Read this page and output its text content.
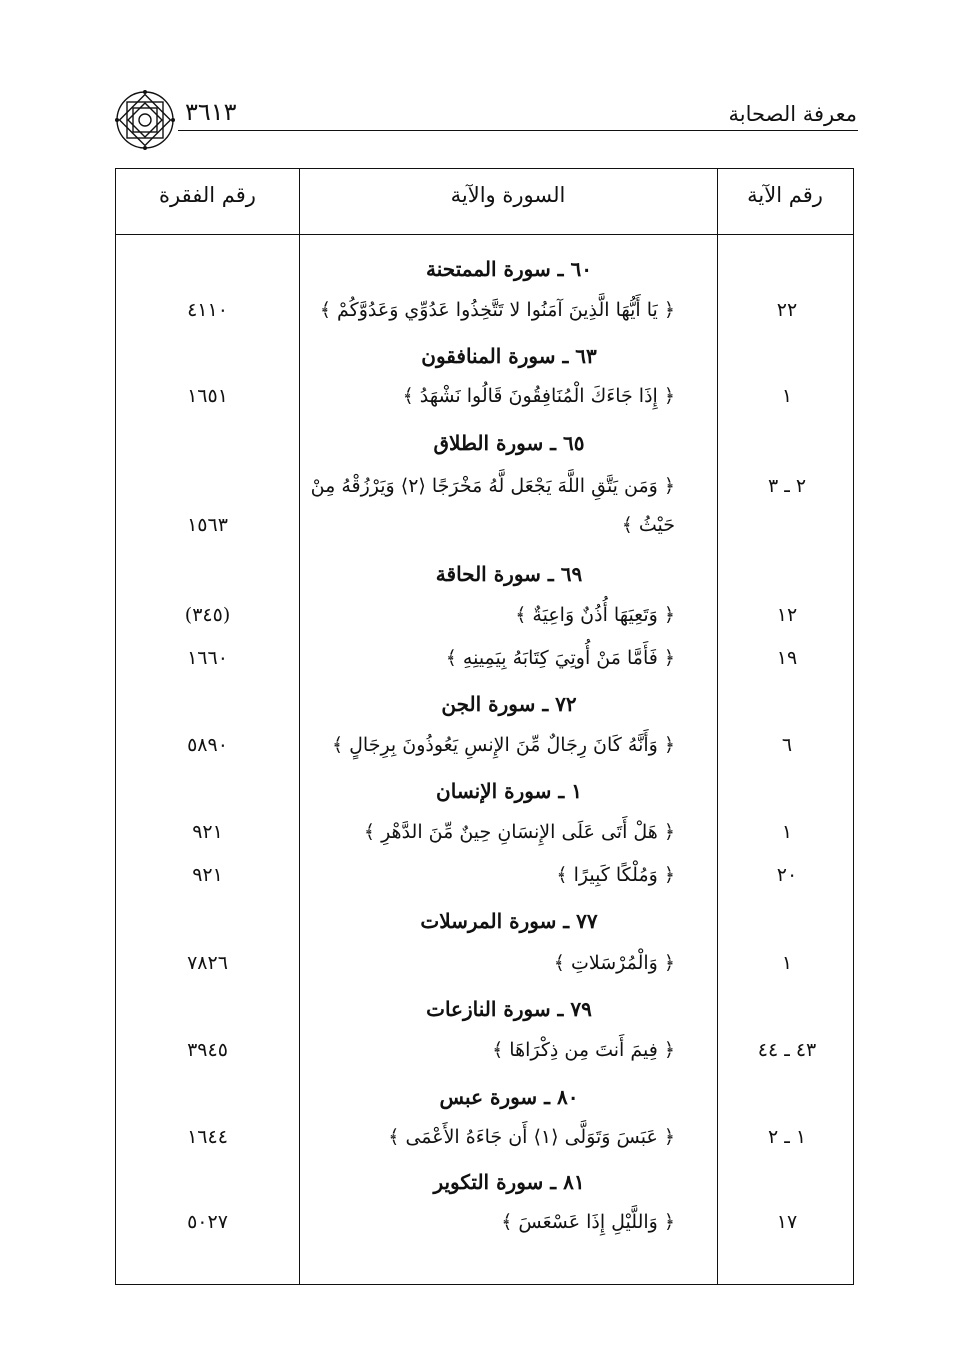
معرفة الصحابة
٣٦١٣
رقم الآية
السورة والآية
رقم الفقرة
٦٠ ـ سورة الممتحنة
٢٢
﴿ يَا أَيُّهَا الَّذِينَ آمَنُوا لا تَتَّخِذُوا عَدُوِّي وَعَدُوَّكُمْ ﴾
٤١١٠
٦٣ ـ سورة المنافقون
١
﴿ إِذَا جَاءَكَ الْمُنَافِقُونَ قَالُوا نَشْهَدُ ﴾
١٦٥١
٦٥ ـ سورة الطلاق
٢ ـ ٣
﴿ وَمَن يَتَّقِ اللَّهَ يَجْعَل لَّهُ مَخْرَجًا ⟨٢⟩ وَيَرْزُقْهُ مِنْ
حَيْثُ ﴾
١٥٦٣
٦٩ ـ سورة الحاقة
١٢
﴿ وَتَعِيَهَا أُذُنٌ وَاعِيَةٌ ﴾
(٣٤٥)
١٩
﴿ فَأَمَّا مَنْ أُوتِيَ كِتَابَهُ بِيَمِينِهِ ﴾
١٦٦٠
٧٢ ـ سورة الجن
٦
﴿ وَأَنَّهُ كَانَ رِجَالٌ مِّنَ الإِنسِ يَعُوذُونَ بِرِجَالٍ ﴾
٥٨٩٠
١ ـ سورة الإنسان
١
﴿ هَلْ أَتَى عَلَى الإِنسَانِ حِينٌ مِّنَ الدَّهْرِ ﴾
٩٢١
٢٠
﴿ وَمُلْكًا كَبِيرًا ﴾
٩٢١
٧٧ ـ سورة المرسلات
١
﴿ وَالْمُرْسَلاتِ ﴾
٧٨٢٦
٧٩ ـ سورة النازعات
٤٣ ـ ٤٤
﴿ فِيمَ أَنتَ مِن ذِكْرَاهَا ﴾
٣٩٤٥
٨٠ ـ سورة عبس
١ ـ ٢
﴿ عَبَسَ وَتَوَلَّى ⟨١⟩ أَن جَاءَهُ الأَعْمَى ﴾
١٦٤٤
٨١ ـ سورة التكوير
١٧
﴿ وَاللَّيْلِ إِذَا عَسْعَسَ ﴾
٥٠٢٧
